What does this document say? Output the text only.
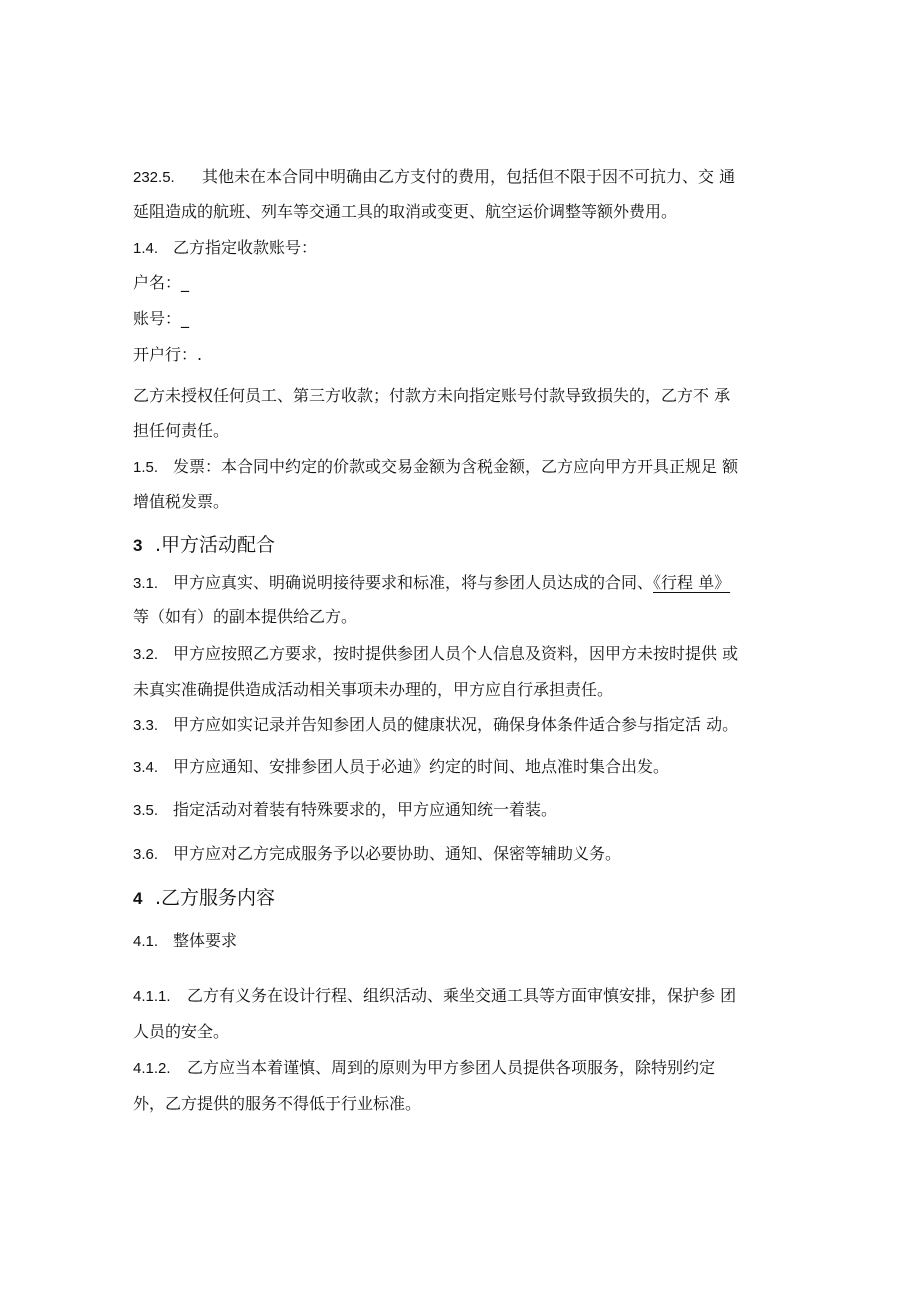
232.5. 其他未在本合同中明确由乙方支付的费用，包括但不限于因不可抗力、交 通
延阻造成的航班、列车等交通工具的取消或变更、航空运价调整等额外费用。
1.4. 乙方指定收款账号：
户名：_
账号：_
开户行：.
乙方未授权任何员工、第三方收款；付款方未向指定账号付款导致损失的，乙方不 承
担任何责任。
1.5. 发票：本合同中约定的价款或交易金额为含税金额，乙方应向甲方开具正规足 额
增值税发票。
3 .甲方活动配合
3.1. 甲方应真实、明确说明接待要求和标准，将与参团人员达成的合同、《行程 单》
等（如有）的副本提供给乙方。
3.2. 甲方应按照乙方要求，按时提供参团人员个人信息及资料，因甲方未按时提供 或
未真实准确提供造成活动相关事项未办理的，甲方应自行承担责任。
3.3. 甲方应如实记录并告知参团人员的健康状况，确保身体条件适合参与指定活 动。
3.4. 甲方应通知、安排参团人员于必迪》约定的时间、地点准时集合出发。
3.5. 指定活动对着装有特殊要求的，甲方应通知统一着装。
3.6. 甲方应对乙方完成服务予以必要协助、通知、保密等辅助义务。
4 .乙方服务内容
4.1. 整体要求
4.1.1. 乙方有义务在设计行程、组织活动、乘坐交通工具等方面审慎安排，保护参 团
人员的安全。
4.1.2. 乙方应当本着谨慎、周到的原则为甲方参团人员提供各项服务，除特别约定
外，乙方提供的服务不得低于行业标准。
